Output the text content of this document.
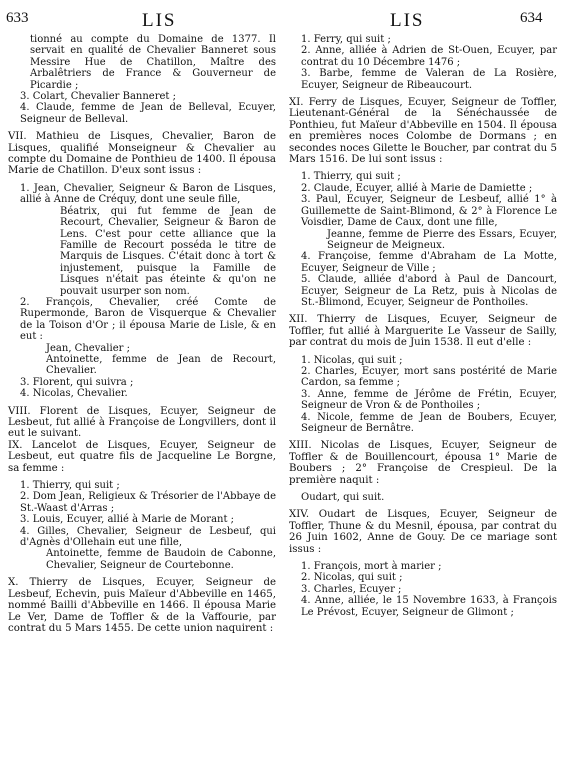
633	LIS	LIS	634

tionné au compte du Domaine de 1377. Il servait en qualité de Chevalier Banneret sous Messire Hue de Chatillon, Maître des Arbalêtriers de France & Gouverneur de Picardie ;

3. Colart, Chevalier Banneret ;

4. Claude, femme de Jean de Belleval, Ecuyer, Seigneur de Belleval.

VII. Mathieu de Lisques, Chevalier, Baron de Lisques, qualifié Monseigneur & Chevalier au compte du Domaine de Ponthieu de 1400. Il épousa Marie de Chatillon. D'eux sont issus :

1. Jean, Chevalier, Seigneur & Baron de Lisques, allié à Anne de Créquy, dont une seule fille,

Béatrix, qui fut femme de Jean de Recourt, Chevalier, Seigneur & Baron de Lens. C'est pour cette alliance que la Famille de Recourt posséda le titre de Marquis de Lisques. C'était donc à tort & injustement, puisque la Famille de Lisques n'était pas éteinte & qu'on ne pouvait usurper son nom.

2. François, Chevalier, créé Comte de Rupermonde, Baron de Visquerque & Chevalier de la Toison d'Or ; il épousa Marie de Lisle, & en eut :

Jean, Chevalier ;

Antoinette, femme de Jean de Recourt, Chevalier.

3. Florent, qui suivra ;

4. Nicolas, Chevalier.

VIII. Florent de Lisques, Ecuyer, Seigneur de Lesbeut, fut allié à Françoise de Longvillers, dont il eut le suivant.

IX. Lancelot de Lisques, Ecuyer, Seigneur de Lesbeut, eut quatre fils de Jacqueline Le Borgne, sa femme :

1. Thierry, qui suit ;

2. Dom Jean, Religieux & Trésorier de l'Abbaye de St.-Waast d'Arras ;

3. Louis, Ecuyer, allié à Marie de Morant ;

4. Gilles, Chevalier, Seigneur de Lesbeuf, qui d'Agnès d'Ollehain eut une fille,

Antoinette, femme de Baudoin de Cabonne, Chevalier, Seigneur de Courtebonne.

X. Thierry de Lisques, Ecuyer, Seigneur de Lesbeuf, Echevin, puis Maïeur d'Abbeville en 1465, nommé Bailli d'Abbeville en 1466. Il épousa Marie Le Ver, Dame de Toffler & de la Vaffourie, par contrat du 5 Mars 1455. De cette union naquirent :

1. Ferry, qui suit ;

2. Anne, alliée à Adrien de St-Ouen, Ecuyer, par contrat du 10 Décembre 1476 ;

3. Barbe, femme de Valeran de La Rosière, Ecuyer, Seigneur de Ribeaucourt.

XI. Ferry de Lisques, Ecuyer, Seigneur de Toffler, Lieutenant-Général de la Sénéchaussée de Ponthieu, fut Maïeur d'Abbeville en 1504. Il épousa en premières noces Colombe de Dormans ; en secondes noces Gilette le Boucher, par contrat du 5 Mars 1516. De lui sont issus :

1. Thierry, qui suit ;

2. Claude, Ecuyer, allié à Marie de Damiette ;

3. Paul, Ecuyer, Seigneur de Lesbeuf, allié 1° à Guillemette de Saint-Blimond, & 2° à Florence Le Voisdier, Dame de Caux, dont une fille,

Jeanne, femme de Pierre des Essars, Ecuyer, Seigneur de Meigneux.

4. Françoise, femme d'Abraham de La Motte, Ecuyer, Seigneur de Ville ;

5. Claude, alliée d'abord à Paul de Dancourt, Ecuyer, Seigneur de La Retz, puis à Nicolas de St.-Blimond, Ecuyer, Seigneur de Ponthoiles.

XII. Thierry de Lisques, Ecuyer, Seigneur de Toffler, fut allié à Marguerite Le Vasseur de Sailly, par contrat du mois de Juin 1538. Il eut d'elle :

1. Nicolas, qui suit ;

2. Charles, Ecuyer, mort sans postérité de Marie Cardon, sa femme ;

3. Anne, femme de Jérôme de Frétin, Ecuyer, Seigneur de Vron & de Ponthoiles ;

4. Nicole, femme de Jean de Boubers, Ecuyer, Seigneur de Bernâtre.

XIII. Nicolas de Lisques, Ecuyer, Seigneur de Toffler & de Bouillencourt, épousa 1° Marie de Boubers ; 2° Françoise de Crespieul. De la première naquit :

Oudart, qui suit.

XIV. Oudart de Lisques, Ecuyer, Seigneur de Toffler, Thune & du Mesnil, épousa, par contrat du 26 Juin 1602, Anne de Gouy. De ce mariage sont issus :

1. François, mort à marier ;

2. Nicolas, qui suit ;

3. Charles, Ecuyer ;

4. Anne, alliée, le 15 Novembre 1633, à François Le Prévost, Ecuyer, Seigneur de Glimont ;
